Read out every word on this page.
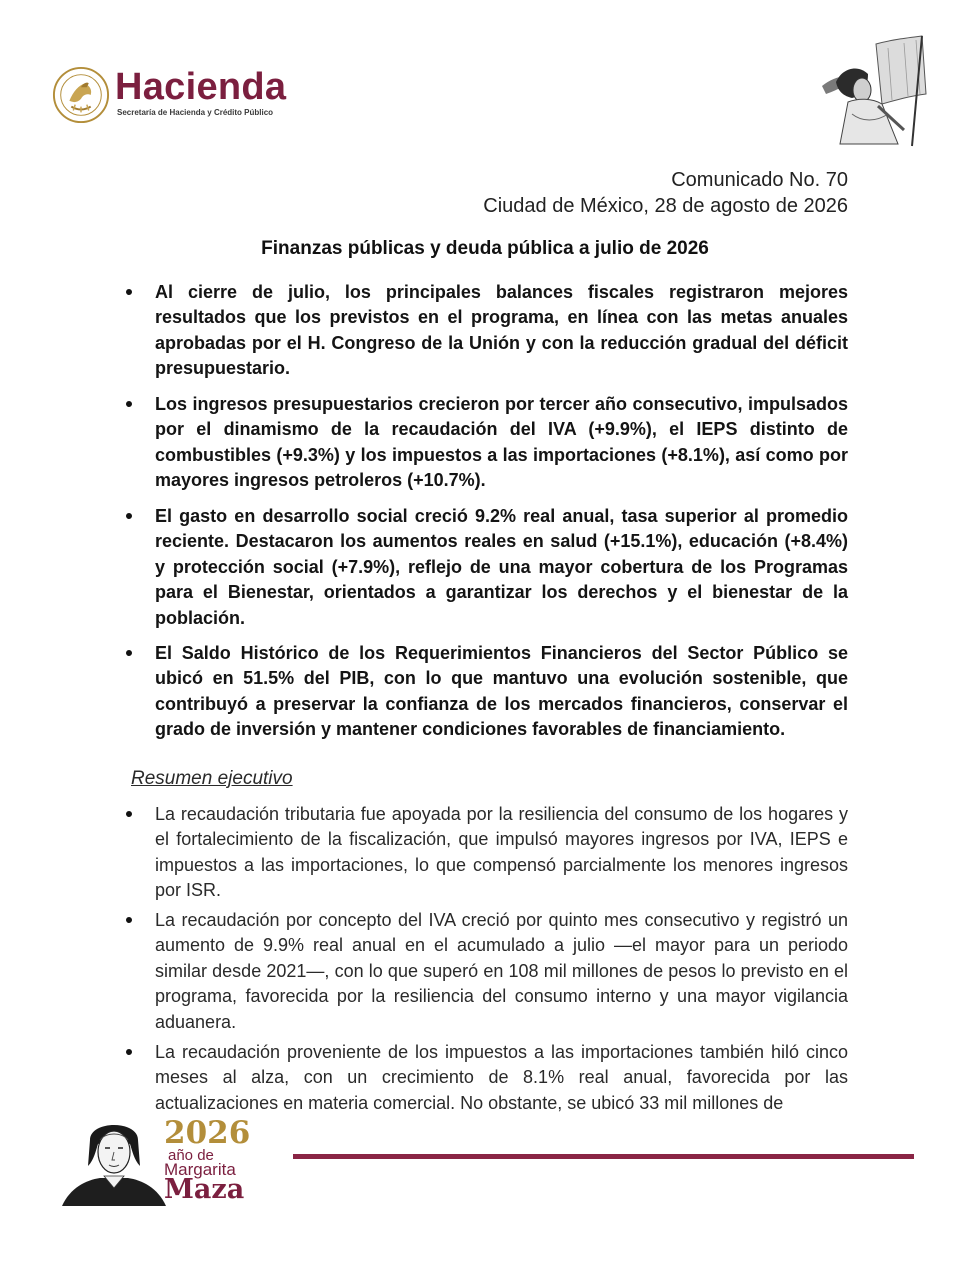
Hacienda
Secretaría de Hacienda y Crédito Público
Comunicado No. 70
Ciudad de México, 28 de agosto de 2026
Finanzas públicas y deuda pública a julio de 2026
Al cierre de julio, los principales balances fiscales registraron mejores resultados que los previstos en el programa, en línea con las metas anuales aprobadas por el H. Congreso de la Unión y con la reducción gradual del déficit presupuestario.
Los ingresos presupuestarios crecieron por tercer año consecutivo, impulsados por el dinamismo de la recaudación del IVA (+9.9%), el IEPS distinto de combustibles (+9.3%) y los impuestos a las importaciones (+8.1%), así como por mayores ingresos petroleros (+10.7%).
El gasto en desarrollo social creció 9.2% real anual, tasa superior al promedio reciente. Destacaron los aumentos reales en salud (+15.1%), educación (+8.4%) y protección social (+7.9%), reflejo de una mayor cobertura de los Programas para el Bienestar, orientados a garantizar los derechos y el bienestar de la población.
El Saldo Histórico de los Requerimientos Financieros del Sector Público se ubicó en 51.5% del PIB, con lo que mantuvo una evolución sostenible, que contribuyó a preservar la confianza de los mercados financieros, conservar el grado de inversión y mantener condiciones favorables de financiamiento.
Resumen ejecutivo
La recaudación tributaria fue apoyada por la resiliencia del consumo de los hogares y el fortalecimiento de la fiscalización, que impulsó mayores ingresos por IVA, IEPS e impuestos a las importaciones, lo que compensó parcialmente los menores ingresos por ISR.
La recaudación por concepto del IVA creció por quinto mes consecutivo y registró un aumento de 9.9% real anual en el acumulado a julio —el mayor para un periodo similar desde 2021—, con lo que superó en 108 mil millones de pesos lo previsto en el programa, favorecida por la resiliencia del consumo interno y una mayor vigilancia aduanera.
La recaudación proveniente de los impuestos a las importaciones también hiló cinco meses al alza, con un crecimiento de 8.1% real anual, favorecida por las actualizaciones en materia comercial. No obstante, se ubicó 33 mil millones de
2026
año de
Margarita
Maza
